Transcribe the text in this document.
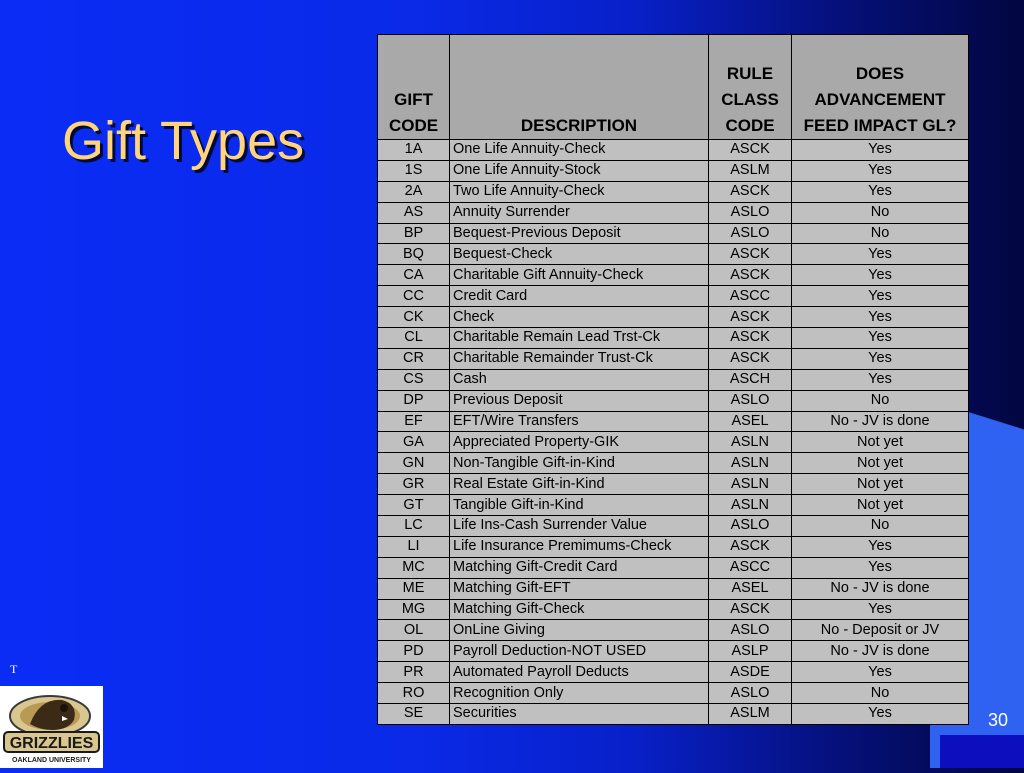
Gift Types
GIFT CODE	DESCRIPTION	RULE CLASS CODE	DOES ADVANCEMENT FEED IMPACT GL?
1A	One Life Annuity-Check	ASCK	Yes
1S	One Life Annuity-Stock	ASLM	Yes
2A	Two Life Annuity-Check	ASCK	Yes
AS	Annuity Surrender	ASLO	No
BP	Bequest-Previous Deposit	ASLO	No
BQ	Bequest-Check	ASCK	Yes
CA	Charitable Gift Annuity-Check	ASCK	Yes
CC	Credit Card	ASCC	Yes
CK	Check	ASCK	Yes
CL	Charitable Remain Lead Trst-Ck	ASCK	Yes
CR	Charitable Remainder Trust-Ck	ASCK	Yes
CS	Cash	ASCH	Yes
DP	Previous Deposit	ASLO	No
EF	EFT/Wire Transfers	ASEL	No - JV is done
GA	Appreciated Property-GIK	ASLN	Not yet
GN	Non-Tangible Gift-in-Kind	ASLN	Not yet
GR	Real Estate Gift-in-Kind	ASLN	Not yet
GT	Tangible Gift-in-Kind	ASLN	Not yet
LC	Life Ins-Cash Surrender Value	ASLO	No
LI	Life Insurance Premimums-Check	ASCK	Yes
MC	Matching Gift-Credit Card	ASCC	Yes
ME	Matching Gift-EFT	ASEL	No - JV is done
MG	Matching Gift-Check	ASCK	Yes
OL	OnLine Giving	ASLO	No - Deposit or JV
PD	Payroll Deduction-NOT USED	ASLP	No - JV is done
PR	Automated Payroll Deducts	ASDE	Yes
RO	Recognition Only	ASLO	No
SE	Securities	ASLM	Yes
T
30
GRIZZLIES
OAKLAND UNIVERSITY
